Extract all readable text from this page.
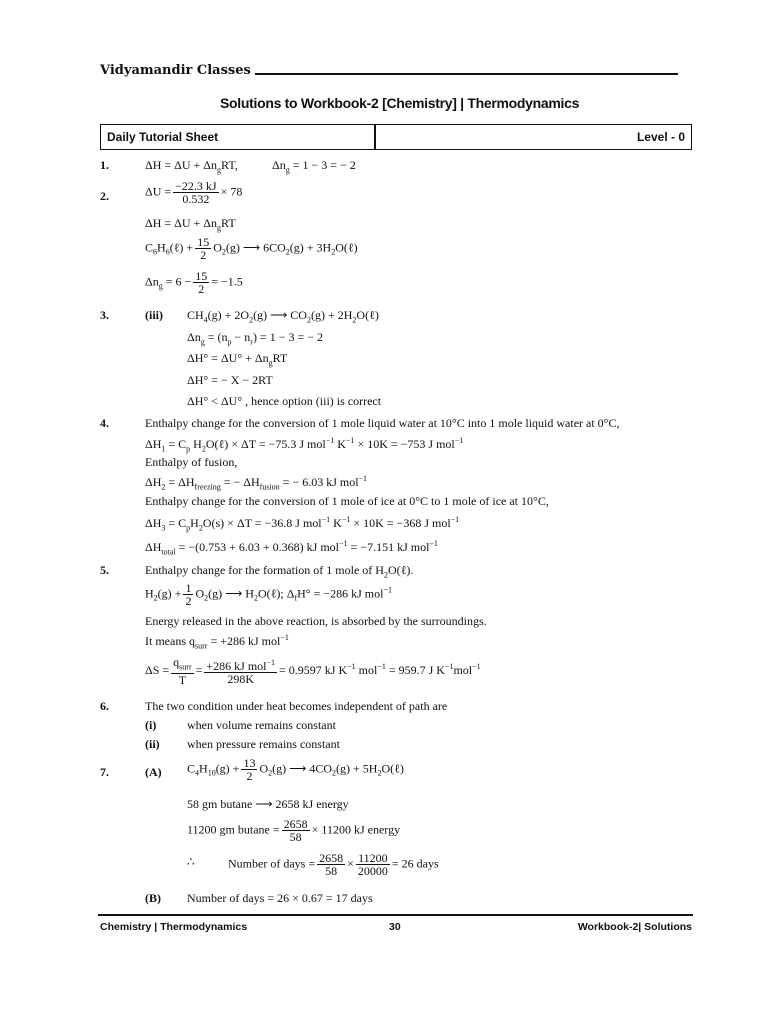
Vidyamandir Classes
Solutions to Workbook-2 [Chemistry] | Thermodynamics
Daily Tutorial Sheet	Level - 0
1.	$\Delta H = \Delta U + \Delta n_gRT$,	$\Delta n_g = 1 - 3$ = − 2
2.	$\Delta U = \frac{-22.3 kJ}{0.532} \times 78$
$\Delta H = \Delta U + \Delta n_gRT$
$C_6H_6(\ell) + \frac{15}{2} O_2(g)$ ⟶ $6CO_2(g)$ + $3H_2O(\ell)$
$\Delta n_g = 6 - \frac{15}{2} = -1.5$
3.	(iii) $CH_4(g) + 2O_2(g)$ ⟶ $CO_2(g)$ + $2H_2O(\ell)$
$\Delta n_g = (n_p - n_r) = 1 - 3$ = − 2
$\Delta H^\circ = \Delta U^\circ + \Delta n_gRT$
ΔH° = − X − 2RT
ΔH° < ΔU° , hence option (iii) is correct
4.	Enthalpy change for the conversion of 1 mole liquid water at 10°C into 1 mole liquid water at 0°C,
$\Delta H_1 = C_p$ $H_2O(\ell) \times \Delta T = -75.3$ J mol$^{-1}$ $K^{-1} \times 10K = -753$ J mol$^{-1}$
Enthalpy of fusion,
$\Delta H_2 = \Delta H_{freezing}$ = − $\Delta H_{fusion}$ = − 6.03 kJ mol$^{-1}$
Enthalpy change for the conversion of 1 mole of ice at 0°C to 1 mole of ice at 10°C,
$\Delta H_3 = C_pH_2O(s) \times \Delta T = -36.8$ J mol$^{-1}$ $K^{-1} \times 10K = -368$ J mol$^{-1}$
$\Delta H_{total} = -(0.753 + 6.03 + 0.368)$ kJ mol$^{-1}$ = −7.151 kJ mol$^{-1}$
5.	Enthalpy change for the formation of 1 mole of $H_2O(\ell)$.
$H_2(g) + \frac{1}{2} O_2(g)$ ⟶ $H_2O(\ell)$; $\Delta_fH^\circ = -286$ kJ mol$^{-1}$
Energy released in the above reaction, is absorbed by the surroundings.
It means $q_{surr} = +286$ kJ mol$^{-1}$
$\Delta S = \frac{q_{surr}}{T} = \frac{+286 kJ mol^{-1}}{298K} = 0.9597$ kJ $K^{-1}$ mol$^{-1}$ = 959.7 J $K^{-1}mol^{-1}$
6.	The two condition under heat becomes independent of path are
(i)	when volume remains constant
(ii) when pressure remains constant
7.	(A) $C_4H_{10}(g) + \frac{13}{2} O_2(g)$ ⟶ $4CO_2(g)$ + $5H_2O(\ell)$
58 gm butane ⟶ 2658 kJ energy
11200 gm $butane = \frac{2658}{58} \times 11200$ kJ energy
∴	Number of days = $\frac{2658}{58} \times \frac{11200}{20000} = 26$ days
(B) Number of days = 26 × 0.67 = 17 days
Chemistry | Thermodynamics	30	Workbook-2| Solutions
